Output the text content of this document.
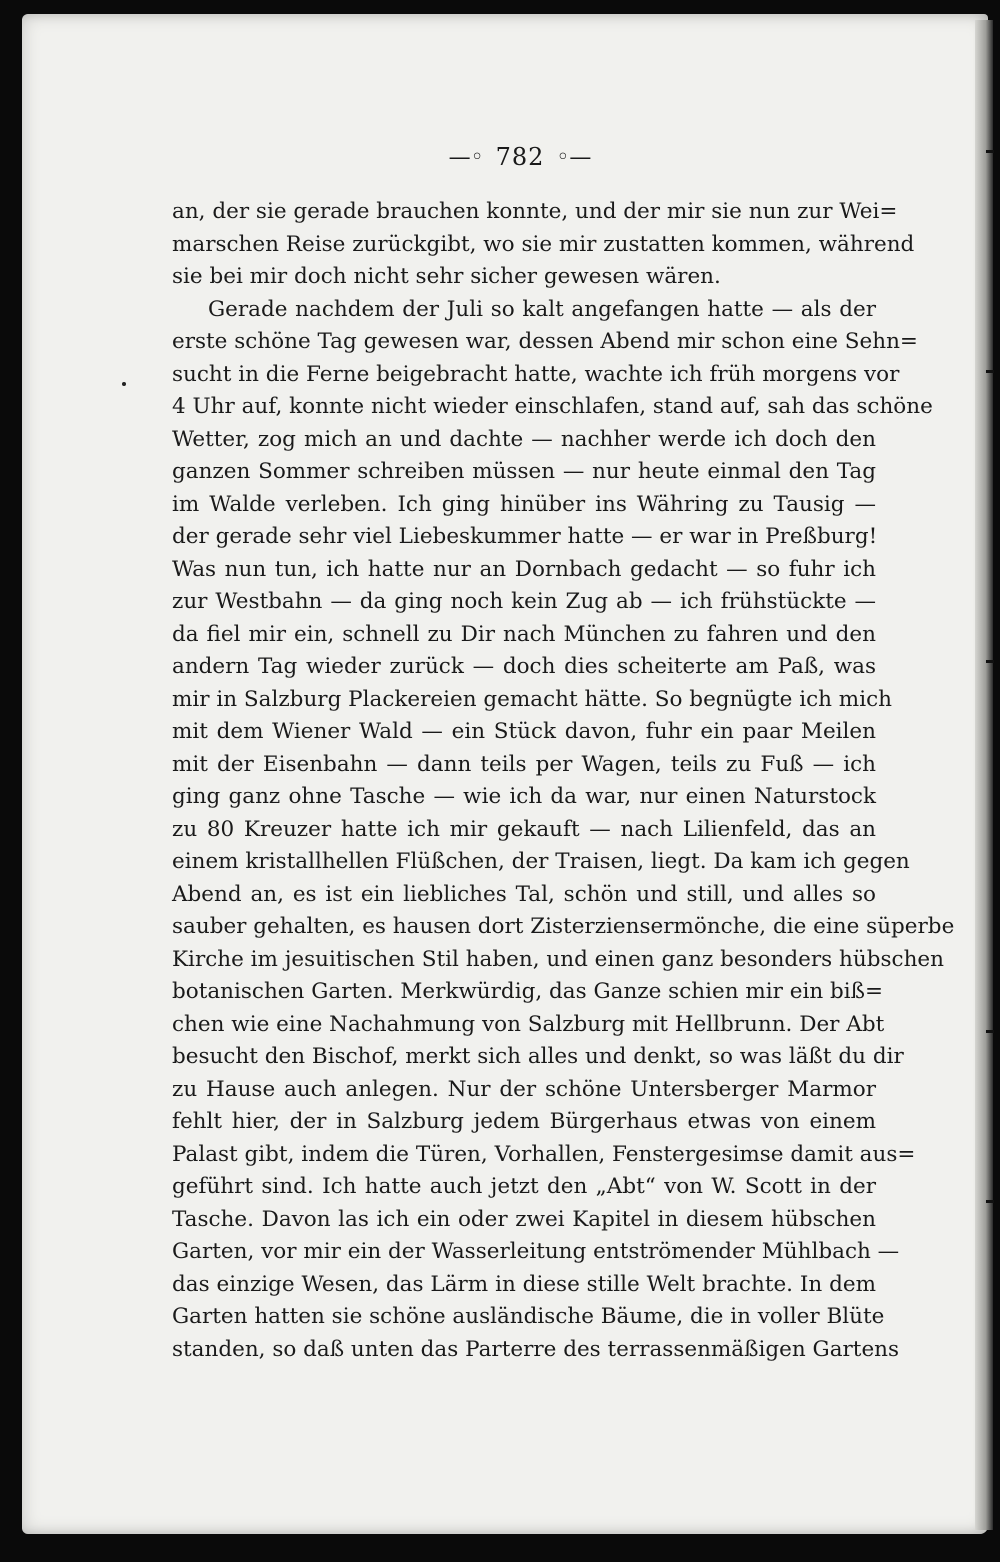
—◦ 782 ◦—
an, der sie gerade brauchen konnte, und der mir sie nun zur Wei=
marschen Reise zurückgibt, wo sie mir zustatten kommen, während
sie bei mir doch nicht sehr sicher gewesen wären.
Gerade nachdem der Juli so kalt angefangen hatte — als der
erste schöne Tag gewesen war, dessen Abend mir schon eine Sehn=
sucht in die Ferne beigebracht hatte, wachte ich früh morgens vor
4 Uhr auf, konnte nicht wieder einschlafen, stand auf, sah das schöne
Wetter, zog mich an und dachte — nachher werde ich doch den
ganzen Sommer schreiben müssen — nur heute einmal den Tag
im Walde verleben. Ich ging hinüber ins Währing zu Tausig —
der gerade sehr viel Liebeskummer hatte — er war in Preßburg!
Was nun tun, ich hatte nur an Dornbach gedacht — so fuhr ich
zur Westbahn — da ging noch kein Zug ab — ich frühstückte —
da fiel mir ein, schnell zu Dir nach München zu fahren und den
andern Tag wieder zurück — doch dies scheiterte am Paß, was
mir in Salzburg Plackereien gemacht hätte. So begnügte ich mich
mit dem Wiener Wald — ein Stück davon, fuhr ein paar Meilen
mit der Eisenbahn — dann teils per Wagen, teils zu Fuß — ich
ging ganz ohne Tasche — wie ich da war, nur einen Naturstock
zu 80 Kreuzer hatte ich mir gekauft — nach Lilienfeld, das an
einem kristallhellen Flüßchen, der Traisen, liegt. Da kam ich gegen
Abend an, es ist ein liebliches Tal, schön und still, und alles so
sauber gehalten, es hausen dort Zisterziensermönche, die eine süperbe
Kirche im jesuitischen Stil haben, und einen ganz besonders hübschen
botanischen Garten. Merkwürdig, das Ganze schien mir ein biß=
chen wie eine Nachahmung von Salzburg mit Hellbrunn. Der Abt
besucht den Bischof, merkt sich alles und denkt, so was läßt du dir
zu Hause auch anlegen. Nur der schöne Untersberger Marmor
fehlt hier, der in Salzburg jedem Bürgerhaus etwas von einem
Palast gibt, indem die Türen, Vorhallen, Fenstergesimse damit aus=
geführt sind. Ich hatte auch jetzt den „Abt“ von W. Scott in der
Tasche. Davon las ich ein oder zwei Kapitel in diesem hübschen
Garten, vor mir ein der Wasserleitung entströmender Mühlbach —
das einzige Wesen, das Lärm in diese stille Welt brachte. In dem
Garten hatten sie schöne ausländische Bäume, die in voller Blüte
standen, so daß unten das Parterre des terrassenmäßigen Gartens
